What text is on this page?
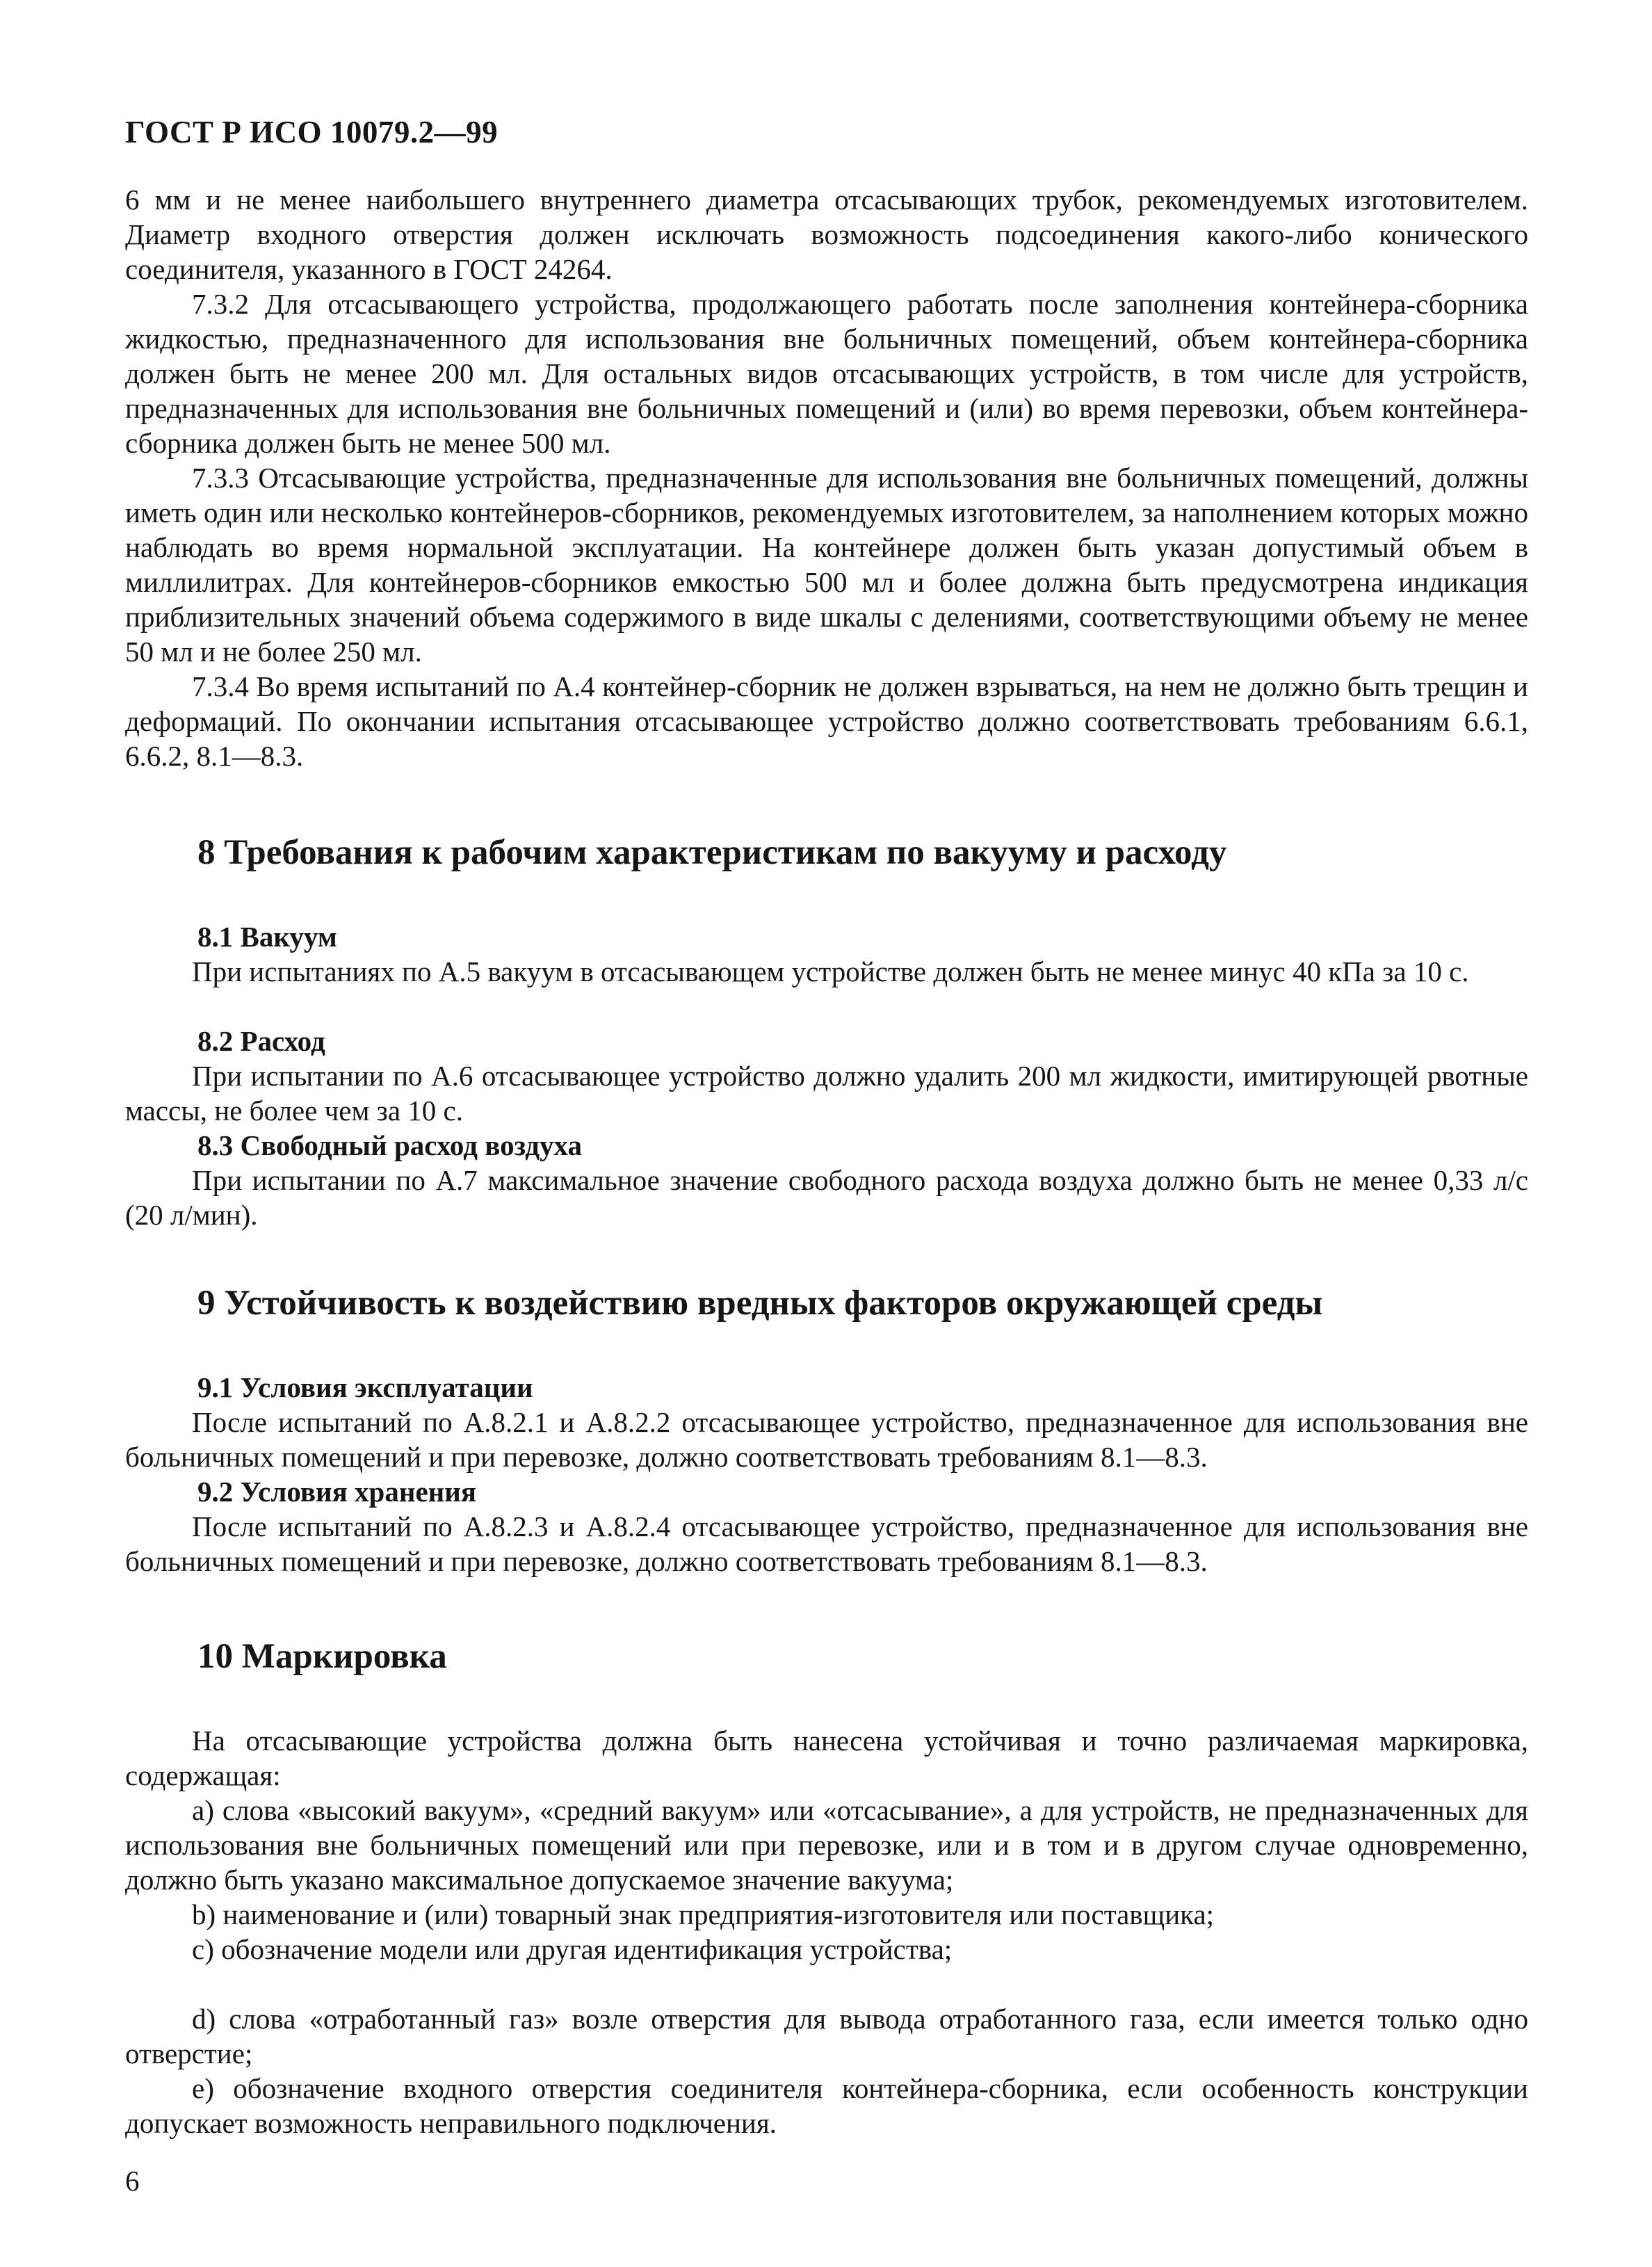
ГОСТ Р ИСО 10079.2—99
6 мм и не менее наибольшего внутреннего диаметра отсасывающих трубок, рекомендуемых изготовителем. Диаметр входного отверстия должен исключать возможность подсоединения какого-либо конического соединителя, указанного в ГОСТ 24264.
7.3.2 Для отсасывающего устройства, продолжающего работать после заполнения контейнера-сборника жидкостью, предназначенного для использования вне больничных помещений, объем контейнера-сборника должен быть не менее 200 мл. Для остальных видов отсасывающих устройств, в том числе для устройств, предназначенных для использования вне больничных помещений и (или) во время перевозки, объем контейнера-сборника должен быть не менее 500 мл.
7.3.3 Отсасывающие устройства, предназначенные для использования вне больничных помещений, должны иметь один или несколько контейнеров-сборников, рекомендуемых изготовителем, за наполнением которых можно наблюдать во время нормальной эксплуатации. На контейнере должен быть указан допустимый объем в миллилитрах. Для контейнеров-сборников емкостью 500 мл и более должна быть предусмотрена индикация приблизительных значений объема содержимого в виде шкалы с делениями, соответствующими объему не менее 50 мл и не более 250 мл.
7.3.4 Во время испытаний по А.4 контейнер-сборник не должен взрываться, на нем не должно быть трещин и деформаций. По окончании испытания отсасывающее устройство должно соответствовать требованиям 6.6.1, 6.6.2, 8.1—8.3.
8 Требования к рабочим характеристикам по вакууму и расходу
8.1 Вакуум
При испытаниях по А.5 вакуум в отсасывающем устройстве должен быть не менее минус 40 кПа за 10 с.
8.2 Расход
При испытании по А.6 отсасывающее устройство должно удалить 200 мл жидкости, имитирующей рвотные массы, не более чем за 10 с.
8.3 Свободный расход воздуха
При испытании по А.7 максимальное значение свободного расхода воздуха должно быть не менее 0,33 л/с (20 л/мин).
9 Устойчивость к воздействию вредных факторов окружающей среды
9.1 Условия эксплуатации
После испытаний по А.8.2.1 и А.8.2.2 отсасывающее устройство, предназначенное для использования вне больничных помещений и при перевозке, должно соответствовать требованиям 8.1—8.3.
9.2 Условия хранения
После испытаний по А.8.2.3 и А.8.2.4 отсасывающее устройство, предназначенное для использования вне больничных помещений и при перевозке, должно соответствовать требованиям 8.1—8.3.
10 Маркировка
На отсасывающие устройства должна быть нанесена устойчивая и точно различаемая маркировка, содержащая:
а) слова «высокий вакуум», «средний вакуум» или «отсасывание», а для устройств, не предназначенных для использования вне больничных помещений или при перевозке, или и в том и в другом случае одновременно, должно быть указано максимальное допускаемое значение вакуума;
b) наименование и (или) товарный знак предприятия-изготовителя или поставщика;
c) обозначение модели или другая идентификация устройства;
d) слова «отработанный газ» возле отверстия для вывода отработанного газа, если имеется только одно отверстие;
e) обозначение входного отверстия соединителя контейнера-сборника, если особенность конструкции допускает возможность неправильного подключения.
6
